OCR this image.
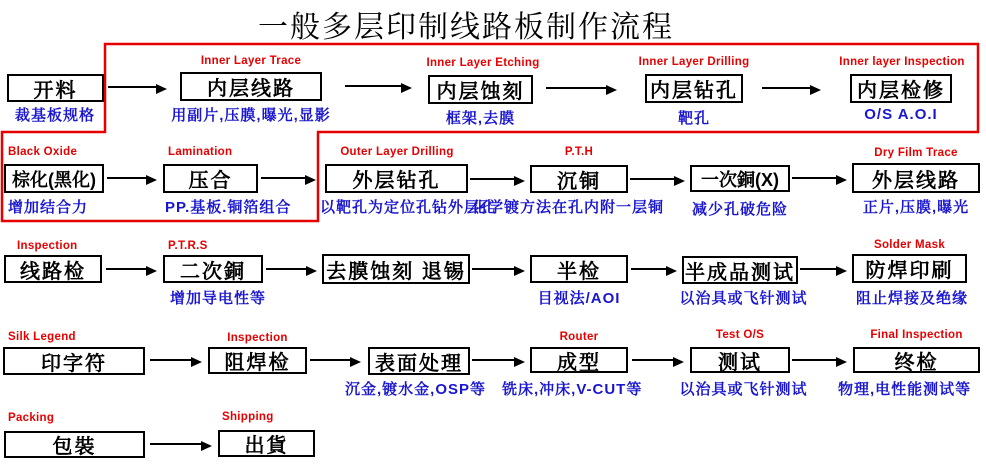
一般多层印制线路板制作流程
开料
裁基板规格
Inner Layer Trace
内层线路
用副片,压膜,曝光,显影
Inner Layer Etching
内层蚀刻
框架,去膜
Inner Layer Drilling
内层钻孔
靶孔
Inner layer Inspection
内层检修
O/S A.O.I
Black Oxide
棕化(黑化)
增加结合力
Lamination
压合
PP.基板.铜箔组合
Outer Layer Drilling
外层钻孔
以靶孔为定位孔钻外层孔
P.T.H
沉铜
化学镀方法在孔内附一层铜
一次銅(X)
减少孔破危险
Dry Film Trace
外层线路
正片,压膜,曝光
Inspection
线路检
P.T.R.S
二次銅
增加导电性等
去膜蚀刻 退锡	半检
目视法/AOI
半成品测试
以治具或飞针测试
Solder Mask
防焊印刷
阻止焊接及绝缘
Silk Legend
印字符
Inspection
阻焊检	表面处理
沉金,镀水金,OSP等
Router
成型
铣床,冲床,V-CUT等
Test O/S
测试
以治具或飞针测试
Final Inspection
终检
物理,电性能测试等
Packing
包裝
Shipping
出貨
